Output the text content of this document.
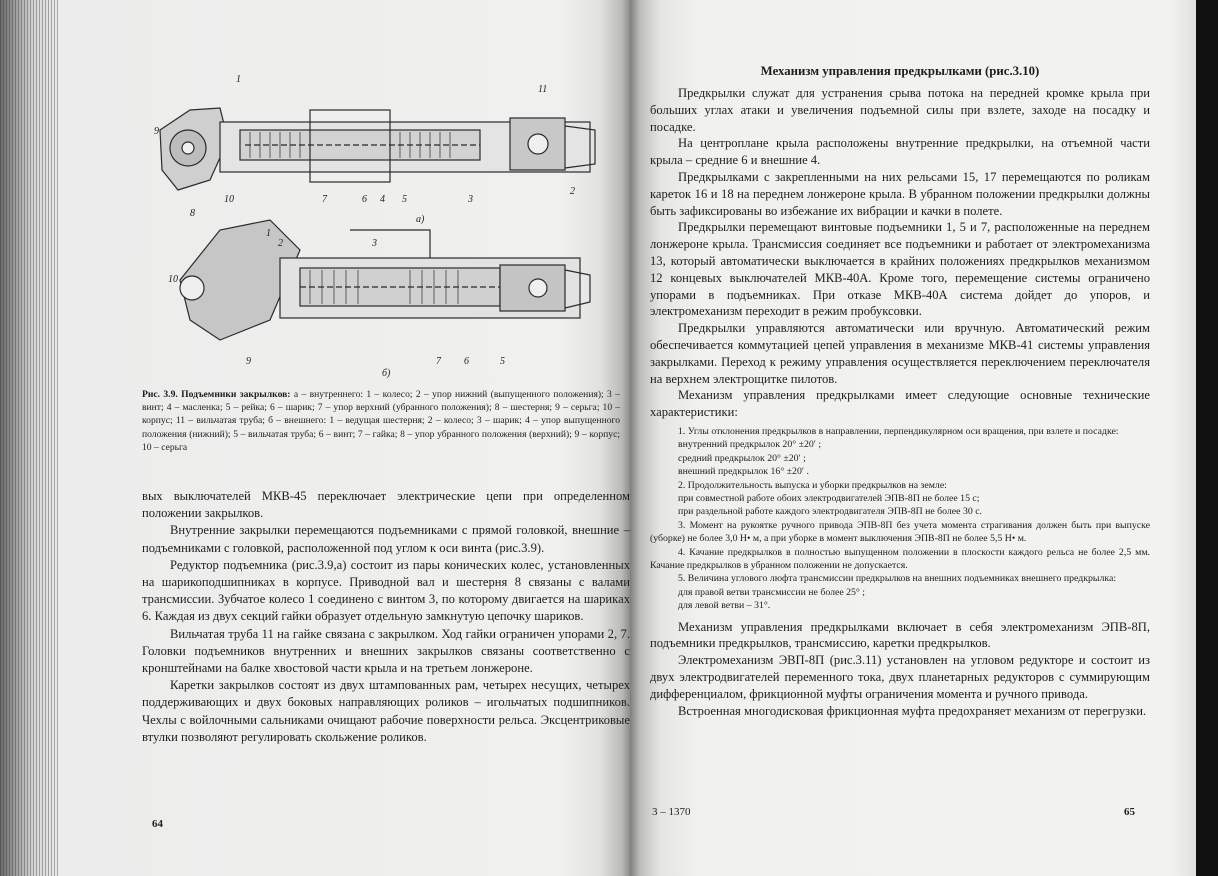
1
11
9
8
10	7	6 4 5	3
2
а)
1
2	3
10
9	7 6	5
б)
Рис. 3.9. Подъемники закрылков: а – внутреннего: 1 – колесо; 2 – упор нижний (выпущенного положения); 3 – винт; 4 – масленка; 5 – рейка; 6 – шарик; 7 – упор верхний (убранного положения); 8 – шестерня; 9 – серьга; 10 – корпус; 11 – вильчатая труба; б – внешнего: 1 – ведущая шестерня; 2 – колесо; 3 – шарик; 4 – упор выпущенного положения (нижний); 5 – вильчатая труба; 6 – винт; 7 – гайка; 8 – упор убранного положения (верхний); 9 – корпус; 10 – серьга

вых выключателей МКВ-45 переключает электрические цепи при определенном положении закрылков.

Внутренние закрылки перемещаются подъемниками с прямой головкой, внешние – подъемниками с головкой, расположенной под углом к оси винта (рис.3.9).

Редуктор подъемника (рис.3.9,а) состоит из пары конических колес, установленных на шарикоподшипниках в корпусе. Приводной вал и шестерня 8 связаны с валами трансмиссии. Зубчатое колесо 1 соединено с винтом 3, по которому двигается на шариках 6. Каждая из двух секций гайки образует отдельную замкнутую цепочку шариков.

Вильчатая труба 11 на гайке связана с закрылком. Ход гайки ограничен упорами 2, 7. Головки подъемников внутренних и внешних закрылков связаны соответственно с кронштейнами на балке хвостовой части крыла и на третьем лонжероне.

Каретки закрылков состоят из двух штампованных рам, четырех несущих, четырех поддерживающих и двух боковых направляющих роликов – игольчатых подшипников. Чехлы с войлочными сальниками очищают рабочие поверхности рельса. Эксцентриковые втулки позволяют регулировать скольжение роликов.

64
Механизм управления предкрылками (рис.3.10)

Предкрылки служат для устранения срыва потока на передней кромке крыла при больших углах атаки и увеличения подъемной силы при взлете, заходе на посадку и посадке.

На центроплане крыла расположены внутренние предкрылки, на отъемной части крыла – средние 6 и внешние 4.

Предкрылками с закрепленными на них рельсами 15, 17 перемещаются по роликам кареток 16 и 18 на переднем лонжероне крыла. В убранном положении предкрылки должны быть зафиксированы во избежание их вибрации и качки в полете.

Предкрылки перемещают винтовые подъемники 1, 5 и 7, расположенные на переднем лонжероне крыла. Трансмиссия соединяет все подъемники и работает от электромеханизма 13, который автоматически выключается в крайних положениях предкрылков механизмом 12 концевых выключателей МКВ-40А. Кроме того, перемещение системы ограничено упорами в подъемниках. При отказе МКВ-40А система дойдет до упоров, и электромеханизм переходит в режим пробуксовки.

Предкрылки управляются автоматически или вручную. Автоматический режим обеспечивается коммутацией цепей управления в механизме МКВ-41 системы управления закрылками. Переход к режиму управления осуществляется переключением переключателя на верхнем электрощитке пилотов.

Механизм управления предкрылками имеет следующие основные технические характеристики:

1. Углы отклонения предкрылков в направлении, перпендикулярном оси вращения, при взлете и посадке:

внутренний предкрылок 20° ±20′ ;

средний предкрылок 20° ±20′ ;

внешний предкрылок 16° ±20′ .

2. Продолжительность выпуска и уборки предкрылков на земле:

при совместной работе обоих электродвигателей ЭПВ-8П не более 15 с;

при раздельной работе каждого электродвигателя ЭПВ-8П не более 30 с.

3. Момент на рукоятке ручного привода ЭПВ-8П без учета момента страгивания должен быть при выпуске (уборке) не более 3,0 Н• м, а при уборке в момент выключения ЭПВ-8П не более 5,5 Н• м.

4. Качание предкрылков в полностью выпущенном положении в плоскости каждого рельса не более 2,5 мм. Качание предкрылков в убранном положении не допускается.

5. Величина углового люфта трансмиссии предкрылков на внешних подъемниках внешнего предкрылка:

для правой ветви трансмиссии не более 25° ;

для левой ветви – 31°.

Механизм управления предкрылками включает в себя электромеханизм ЭПВ-8П, подъемники предкрылков, трансмиссию, каретки предкрылков.

Электромеханизм ЭВП-8П (рис.3.11) установлен на угловом редукторе и состоит из двух электродвигателей переменного тока, двух планетарных редукторов с суммирующим дифференциалом, фрикционной муфты ограничения момента и ручного привода.

Встроенная многодисковая фрикционная муфта предохраняет механизм от перегрузки.

3 – 1370	65
